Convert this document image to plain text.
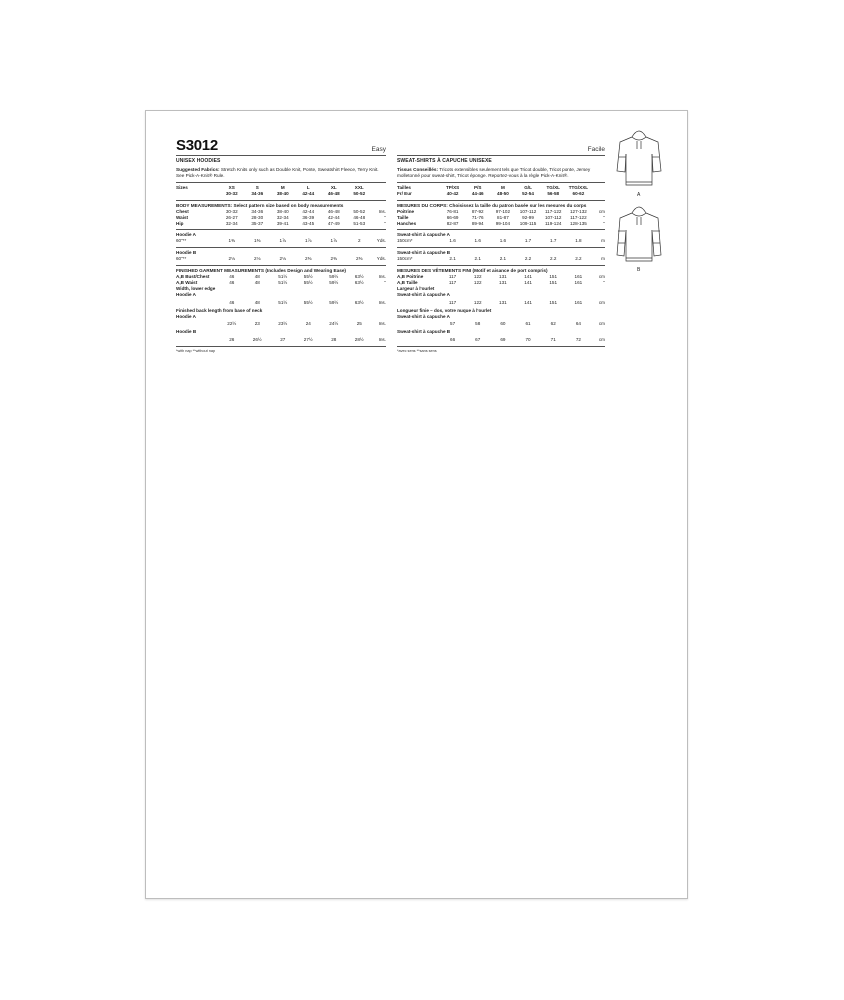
S3012	Easy
UNISEX HOODIES
Suggested Fabrics: Stretch Knits only such as Double Knit, Ponte, Sweatshirt Fleece, Terry Knit. See Pick-A-Knit® Rule.
Sizes	XS	S	M	L	XL	XXL	
	30-32	34-36	38-40	42-44	46-48	50-52	
BODY MEASUREMENTS: Select pattern size based on body measurements
Chest	30-32	34-36	38-40	42-44	46-48	50-52	Ins.
Waist	26-27	28-30	32-34	36-39	42-44	46-48	"
Hip	32-34	35-37	39-41	43-45	47-49	51-53	"
Hoodie A
60"**	1⅜	1⅜	1⅞	1⅞	1⅞	2	Yds.
Hoodie B
60"**	2⅛	2⅛	2⅛	2⅜	2⅜	2⅜	Yds.
FINISHED GARMENT MEASUREMENTS (Includes Design and Wearing Ease)
A,B Bust/Chest	46	48	51½	55½	59½	63½	Ins.
A,B Waist	46	48	51½	55½	59½	63½	"
Width, lower edge
Hoodie A
	46	48	51½	55½	59½	63½	Ins.
Finished back length from base of neck
Hoodie A
	22½	23	23½	24	24½	25	Ins.
Hoodie B
	26	26½	27	27½	28	28½	Ins.
*with nap **without nap
Facile
SWEAT-SHIRTS À CAPUCHE UNISEXE
Tissus Conseillés: Tricots extensibles seulement tels que Tricot double, Tricot ponte, Jersey molletonné pour sweat-shirt, Tricot éponge. Reportez-vous à la règle Pick-A-Knit®.
Tailles	TP/XS	P/S	M	G/L	TG/XL	TTG/XXL	
Fr/ Eur	40-42	44-46	48-50	52-54	56-58	60-62	
MESURES DU CORPS: Choisissez la taille du patron basée sur les mesures du corps
Poitrine	76-81	87-92	97-102	107-112	117-122	127-132	cm
Taille	66-69	71-76	81-87	92-99	107-112	117-122	"
Hanches	82-87	89-94	99-104	109-115	119-124	128-135	"
Sweat-shirt à capuche A
150cm*	1.6	1.6	1.6	1.7	1.7	1.8	m
Sweat-shirt à capuche B
150cm*	2.1	2.1	2.1	2.2	2.2	2.2	m
MESURES DES VÊTEMENTS FINI (Motif et aisance de port compris)
A,B Poitrine	117	122	131	141	151	161	cm
A,B Taille	117	122	131	141	151	161	"
Largeur à l'ourlet
Sweat-shirt à capuche A
	117	122	131	141	151	161	cm
Longueur finie – dos, votre nuque à l'ourlet
Sweat-shirt à capuche A
	57	58	60	61	62	64	cm
Sweat-shirt à capuche B
	66	67	69	70	71	72	cm
*avec sens **sans sens
A
B
